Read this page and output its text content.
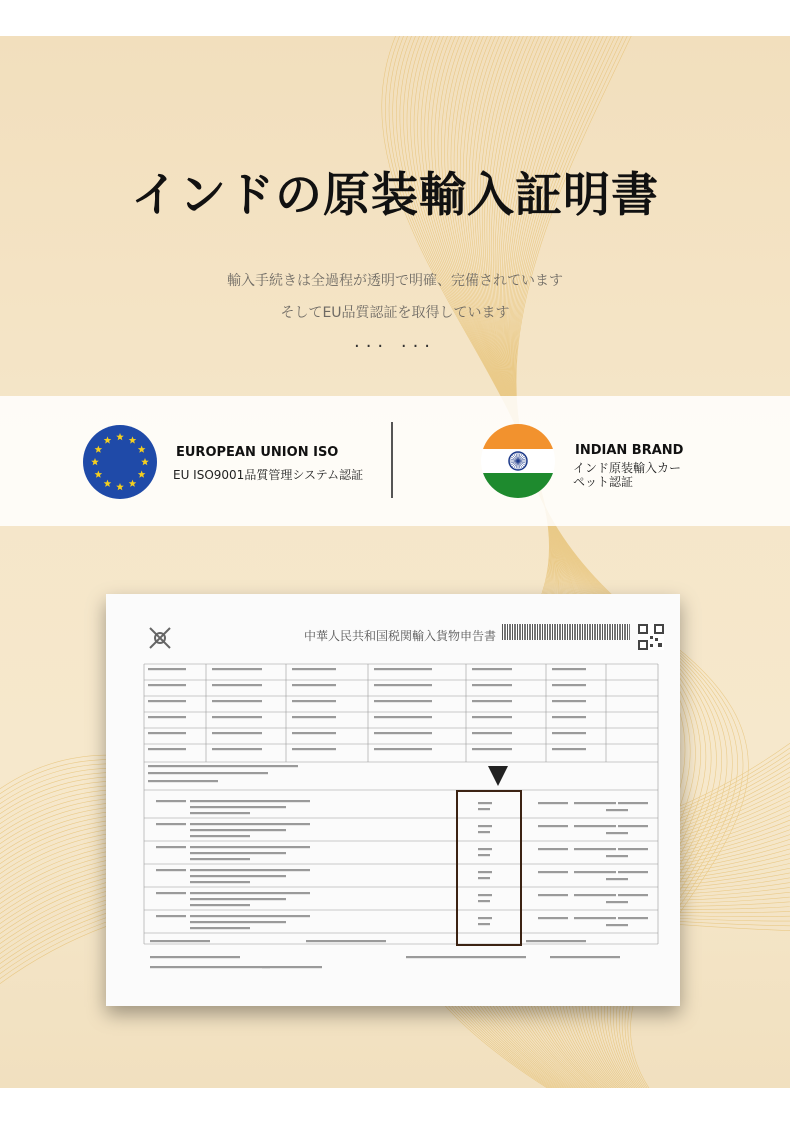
インドの原装輸入証明書
輸入手続きは全過程が透明で明確、完備されています
そしてEU品質認証を取得しています
··· ···
EUROPEAN UNION ISO
EU ISO9001品質管理システム認証
INDIAN BRAND
インド原装輸入カーペット認証
中華人民共和国税関輸入貨物申告書
